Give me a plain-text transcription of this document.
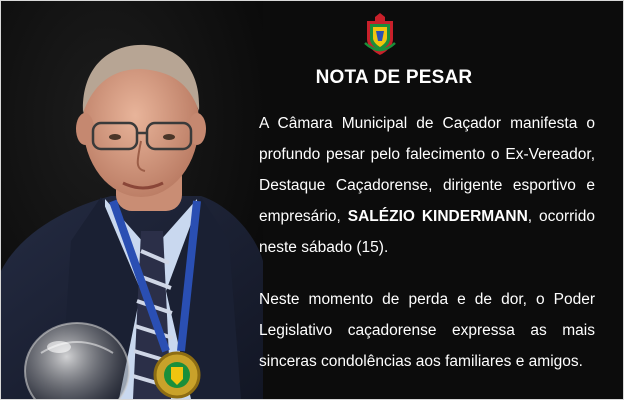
NOTA DE PESAR
A Câmara Municipal de Caçador manifesta o profundo pesar pelo falecimento o Ex-Vereador, Destaque Caçadorense, dirigente esportivo e empresário, SALÉZIO KINDERMANN, ocorrido neste sábado (15).
Neste momento de perda e de dor, o Poder Legislativo caçadorense expressa as mais sinceras condolências aos familiares e amigos.
